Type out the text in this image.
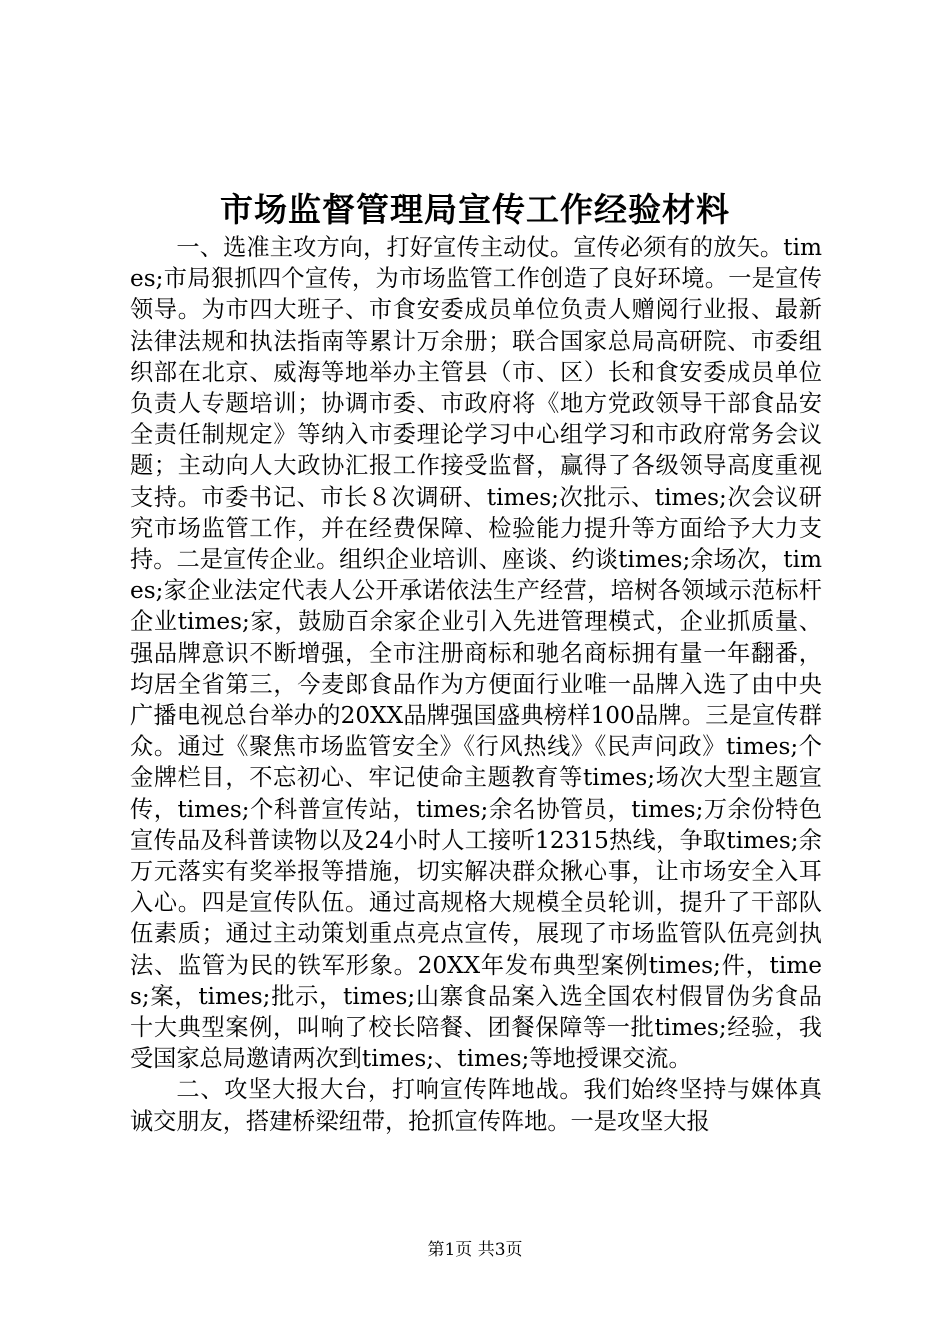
市场监督管理局宣传工作经验材料

一、选准主攻方向，打好宣传主动仗。宣传必须有的放矢。times;市局狠抓四个宣传，为市场监管工作创造了良好环境。一是宣传领导。为市四大班子、市食安委成员单位负责人赠阅行业报、最新法律法规和执法指南等累计万余册；联合国家总局高研院、市委组织部在北京、威海等地举办主管县（市、区）长和食安委成员单位负责人专题培训；协调市委、市政府将《地方党政领导干部食品安全责任制规定》等纳入市委理论学习中心组学习和市政府常务会议题；主动向人大政协汇报工作接受监督，赢得了各级领导高度重视支持。市委书记、市长８次调研、times;次批示、times;次会议研究市场监管工作，并在经费保障、检验能力提升等方面给予大力支持。二是宣传企业。组织企业培训、座谈、约谈times;余场次，times;家企业法定代表人公开承诺依法生产经营，培树各领域示范标杆企业times;家，鼓励百余家企业引入先进管理模式，企业抓质量、强品牌意识不断增强，全市注册商标和驰名商标拥有量一年翻番，均居全省第三，今麦郎食品作为方便面行业唯一品牌入选了由中央广播电视总台举办的20XX品牌强国盛典榜样100品牌。三是宣传群众。通过《聚焦市场监管安全》《行风热线》《民声问政》times;个金牌栏目，不忘初心、牢记使命主题教育等times;场次大型主题宣传，times;个科普宣传站，times;余名协管员，times;万余份特色宣传品及科普读物以及24小时人工接听12315热线，争取times;余万元落实有奖举报等措施，切实解决群众揪心事，让市场安全入耳入心。四是宣传队伍。通过高规格大规模全员轮训，提升了干部队伍素质；通过主动策划重点亮点宣传，展现了市场监管队伍亮剑执法、监管为民的铁军形象。20XX年发布典型案例times;件，times;案，times;批示，times;山寨食品案入选全国农村假冒伪劣食品十大典型案例，叫响了校长陪餐、团餐保障等一批times;经验，我受国家总局邀请两次到times;、times;等地授课交流。

二、攻坚大报大台，打响宣传阵地战。我们始终坚持与媒体真诚交朋友，搭建桥梁纽带，抢抓宣传阵地。一是攻坚大报

第1页 共3页
